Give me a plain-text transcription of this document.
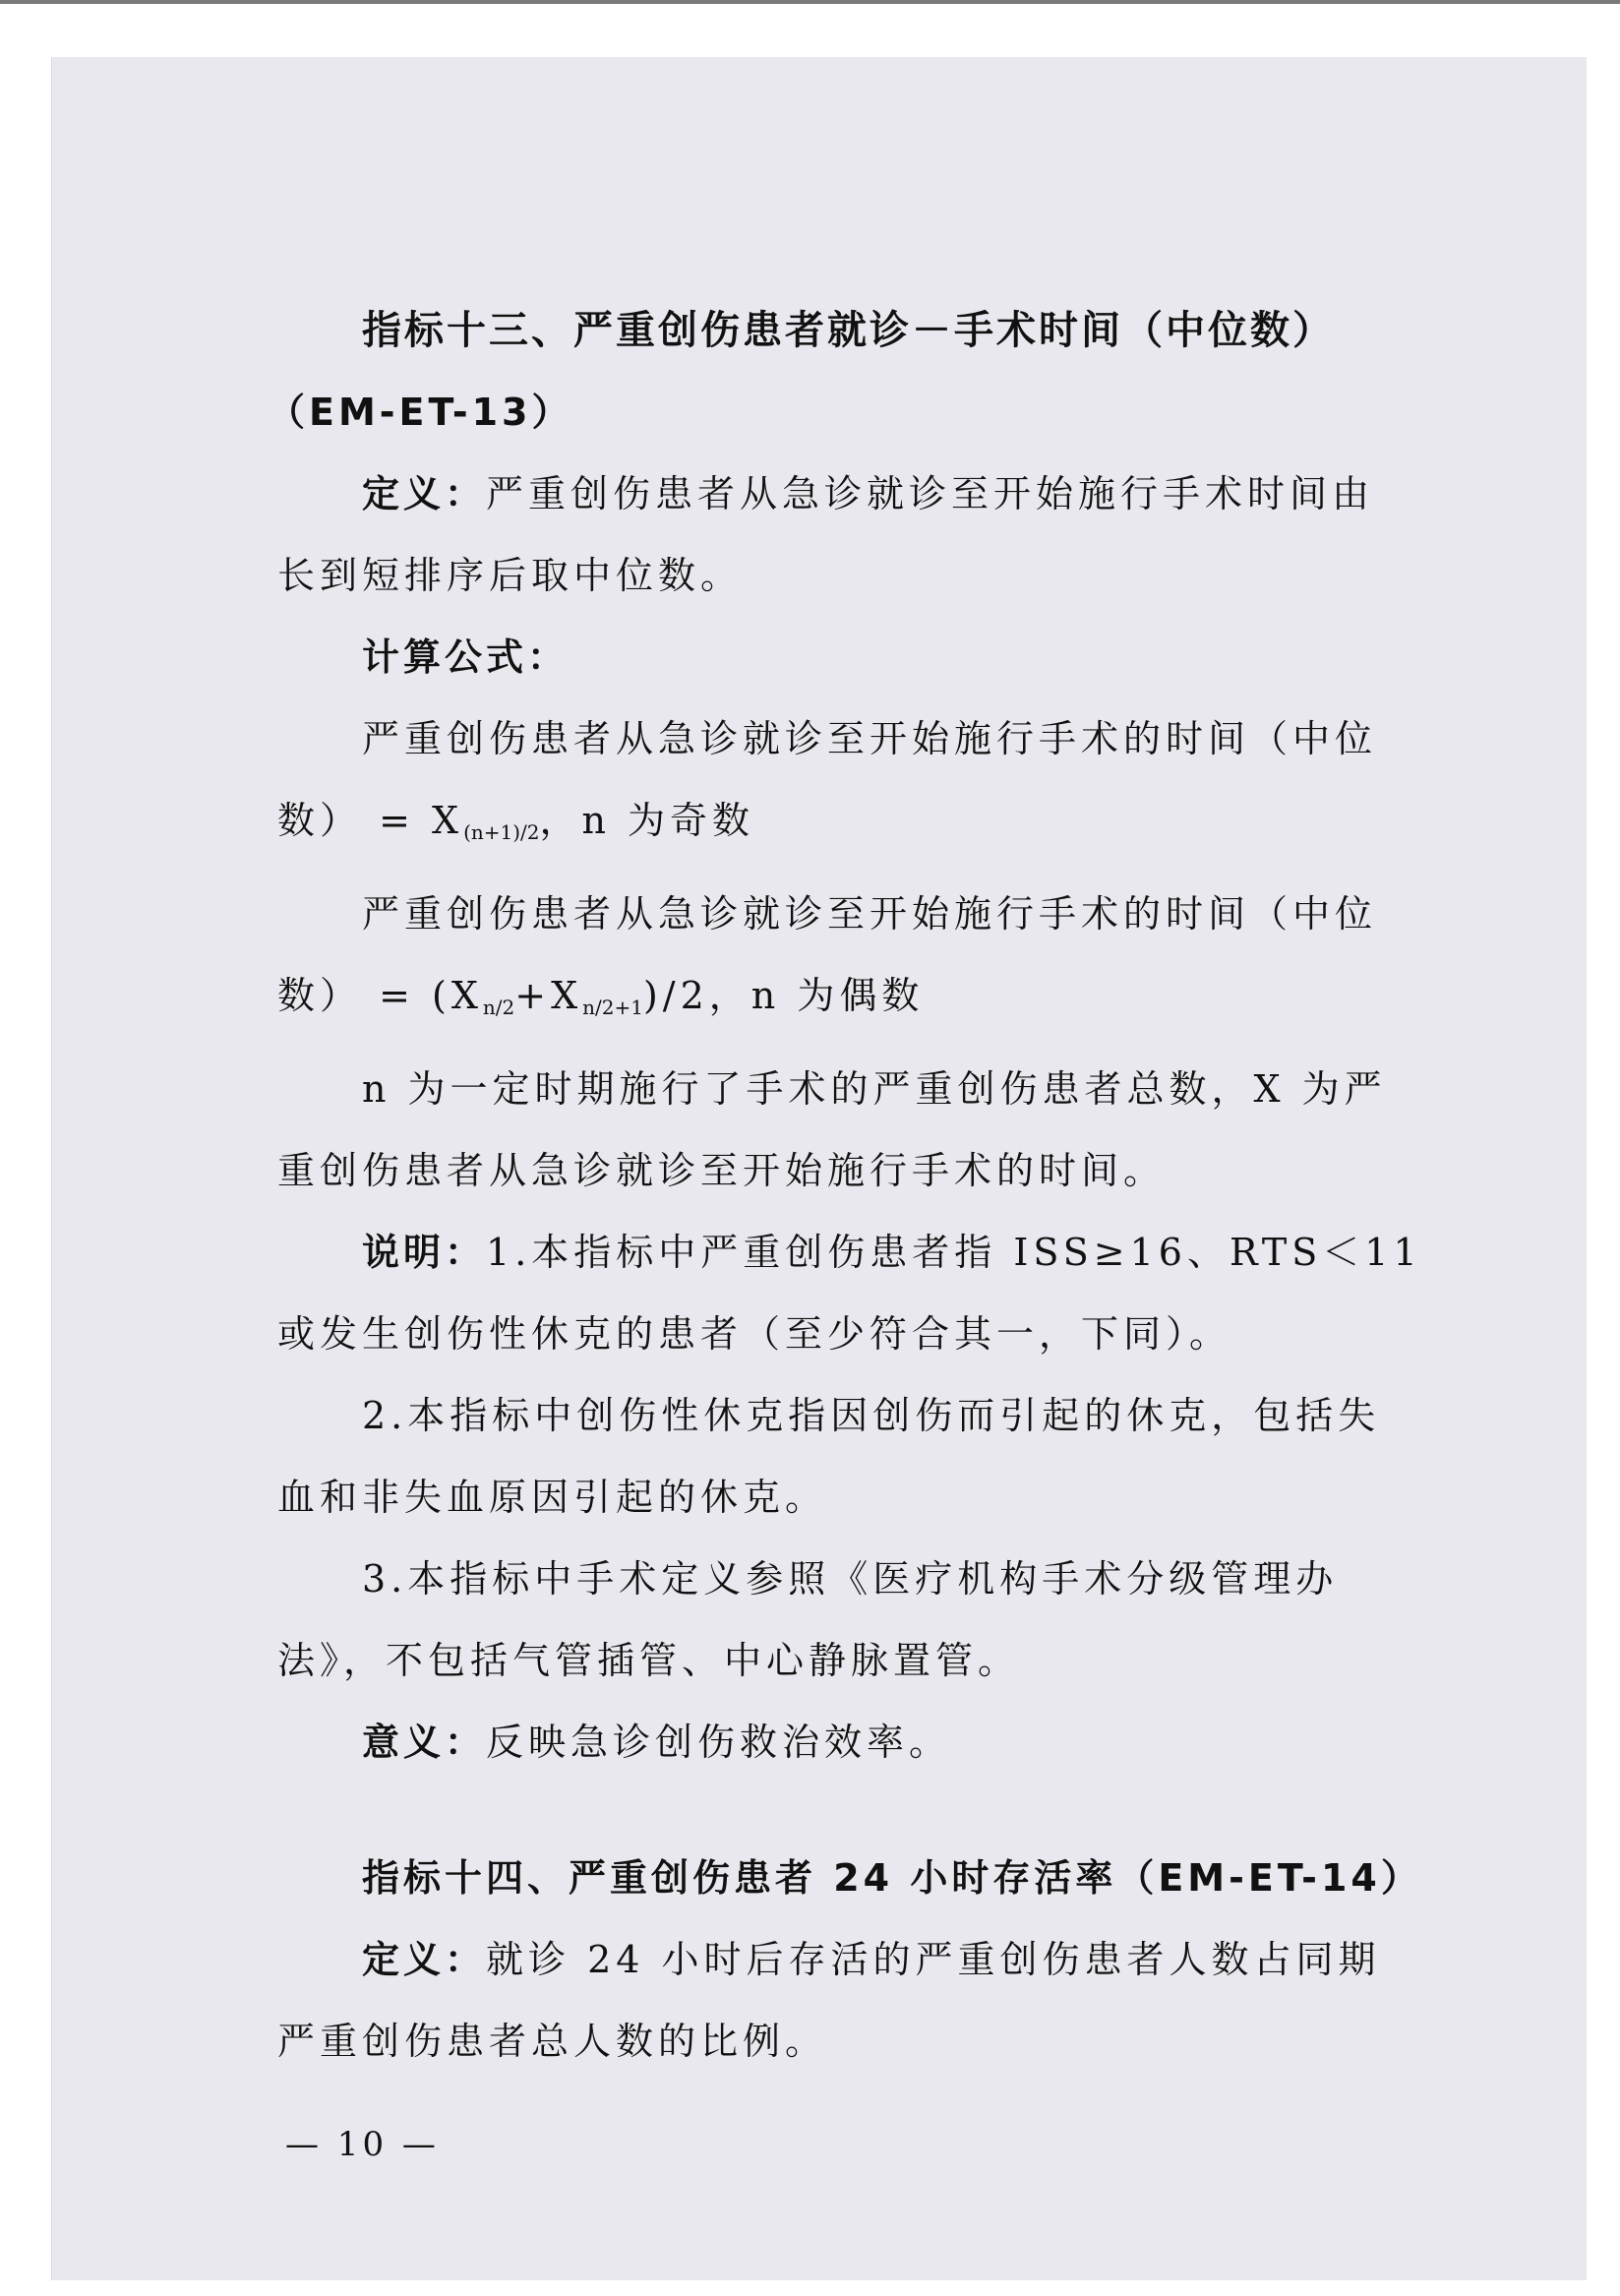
指标十三、严重创伤患者就诊－手术时间（中位数）

（EM-ET-13）

定义：严重创伤患者从急诊就诊至开始施行手术时间由

长到短排序后取中位数。

计算公式：

严重创伤患者从急诊就诊至开始施行手术的时间（中位

数） = $X_{(n+1)/2}$，n 为奇数

严重创伤患者从急诊就诊至开始施行手术的时间（中位

数） = $(X_{n/2}+X_{n/2+1})/2$，n 为偶数

n 为一定时期施行了手术的严重创伤患者总数，X 为严

重创伤患者从急诊就诊至开始施行手术的时间。

说明：1.本指标中严重创伤患者指 ISS≥16、RTS＜11

或发生创伤性休克的患者（至少符合其一，下同）。

2.本指标中创伤性休克指因创伤而引起的休克，包括失

血和非失血原因引起的休克。

3.本指标中手术定义参照《医疗机构手术分级管理办

法》，不包括气管插管、中心静脉置管。

意义：反映急诊创伤救治效率。

指标十四、严重创伤患者 24 小时存活率（EM-ET-14）

定义：就诊 24 小时后存活的严重创伤患者人数占同期

严重创伤患者总人数的比例。

— 10 —
